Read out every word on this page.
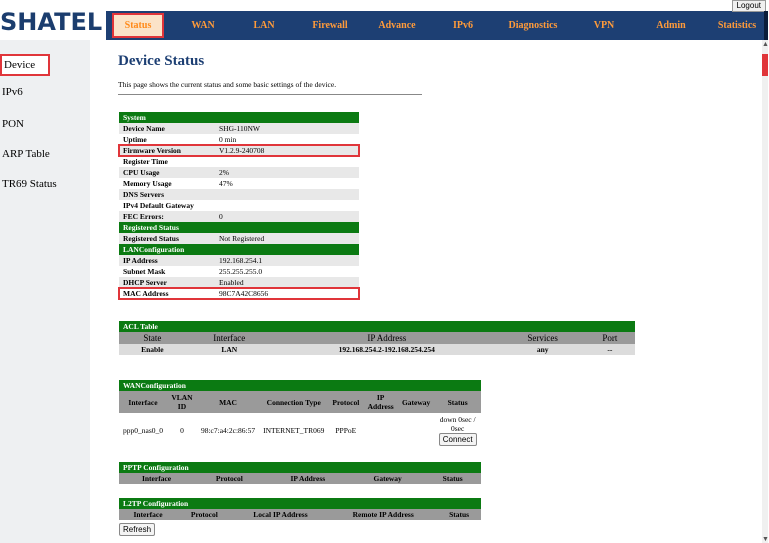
SHATEL	Status	WAN	LAN	Firewall	Advance	IPv6	Diagnostics	VPN	Admin	Statistics
Logout
Device
IPv6
PON
ARP Table
TR69 Status
Device Status
This page shows the current status and some basic settings of the device.
System	
Device Name	SHG-110NW
Uptime	0 min
Firmware Version	V1.2.9-240708
Register Time	
CPU Usage	2%
Memory Usage	47%
DNS Servers	
IPv4 Default Gateway	
FEC Errors:	0
Registered Status	
Registered Status	Not Registered
LANConfiguration	
IP Address	192.168.254.1
Subnet Mask	255.255.255.0
DHCP Server	Enabled
MAC Address	98C7A42C8656
ACL Table				
State	Interface	IP Address	Services	Port
Enable	LAN	192.168.254.2-192.168.254.254	any	--
WANConfiguration							
Interface	VLAN ID	MAC	Connection Type	Protocol	IP Address	Gateway	Status
ppp0_nas0_0	0	98:c7:a4:2c:86:57	INTERNET_TR069	PPPoE			down 0sec / 0sec
Connect
PPTP Configuration
Interface	Protocol	IP Address	Gateway	Status
L2TP Configuration
Interface	Protocol	Local IP Address	Remote IP Address	Status
Refresh
▲
▼
